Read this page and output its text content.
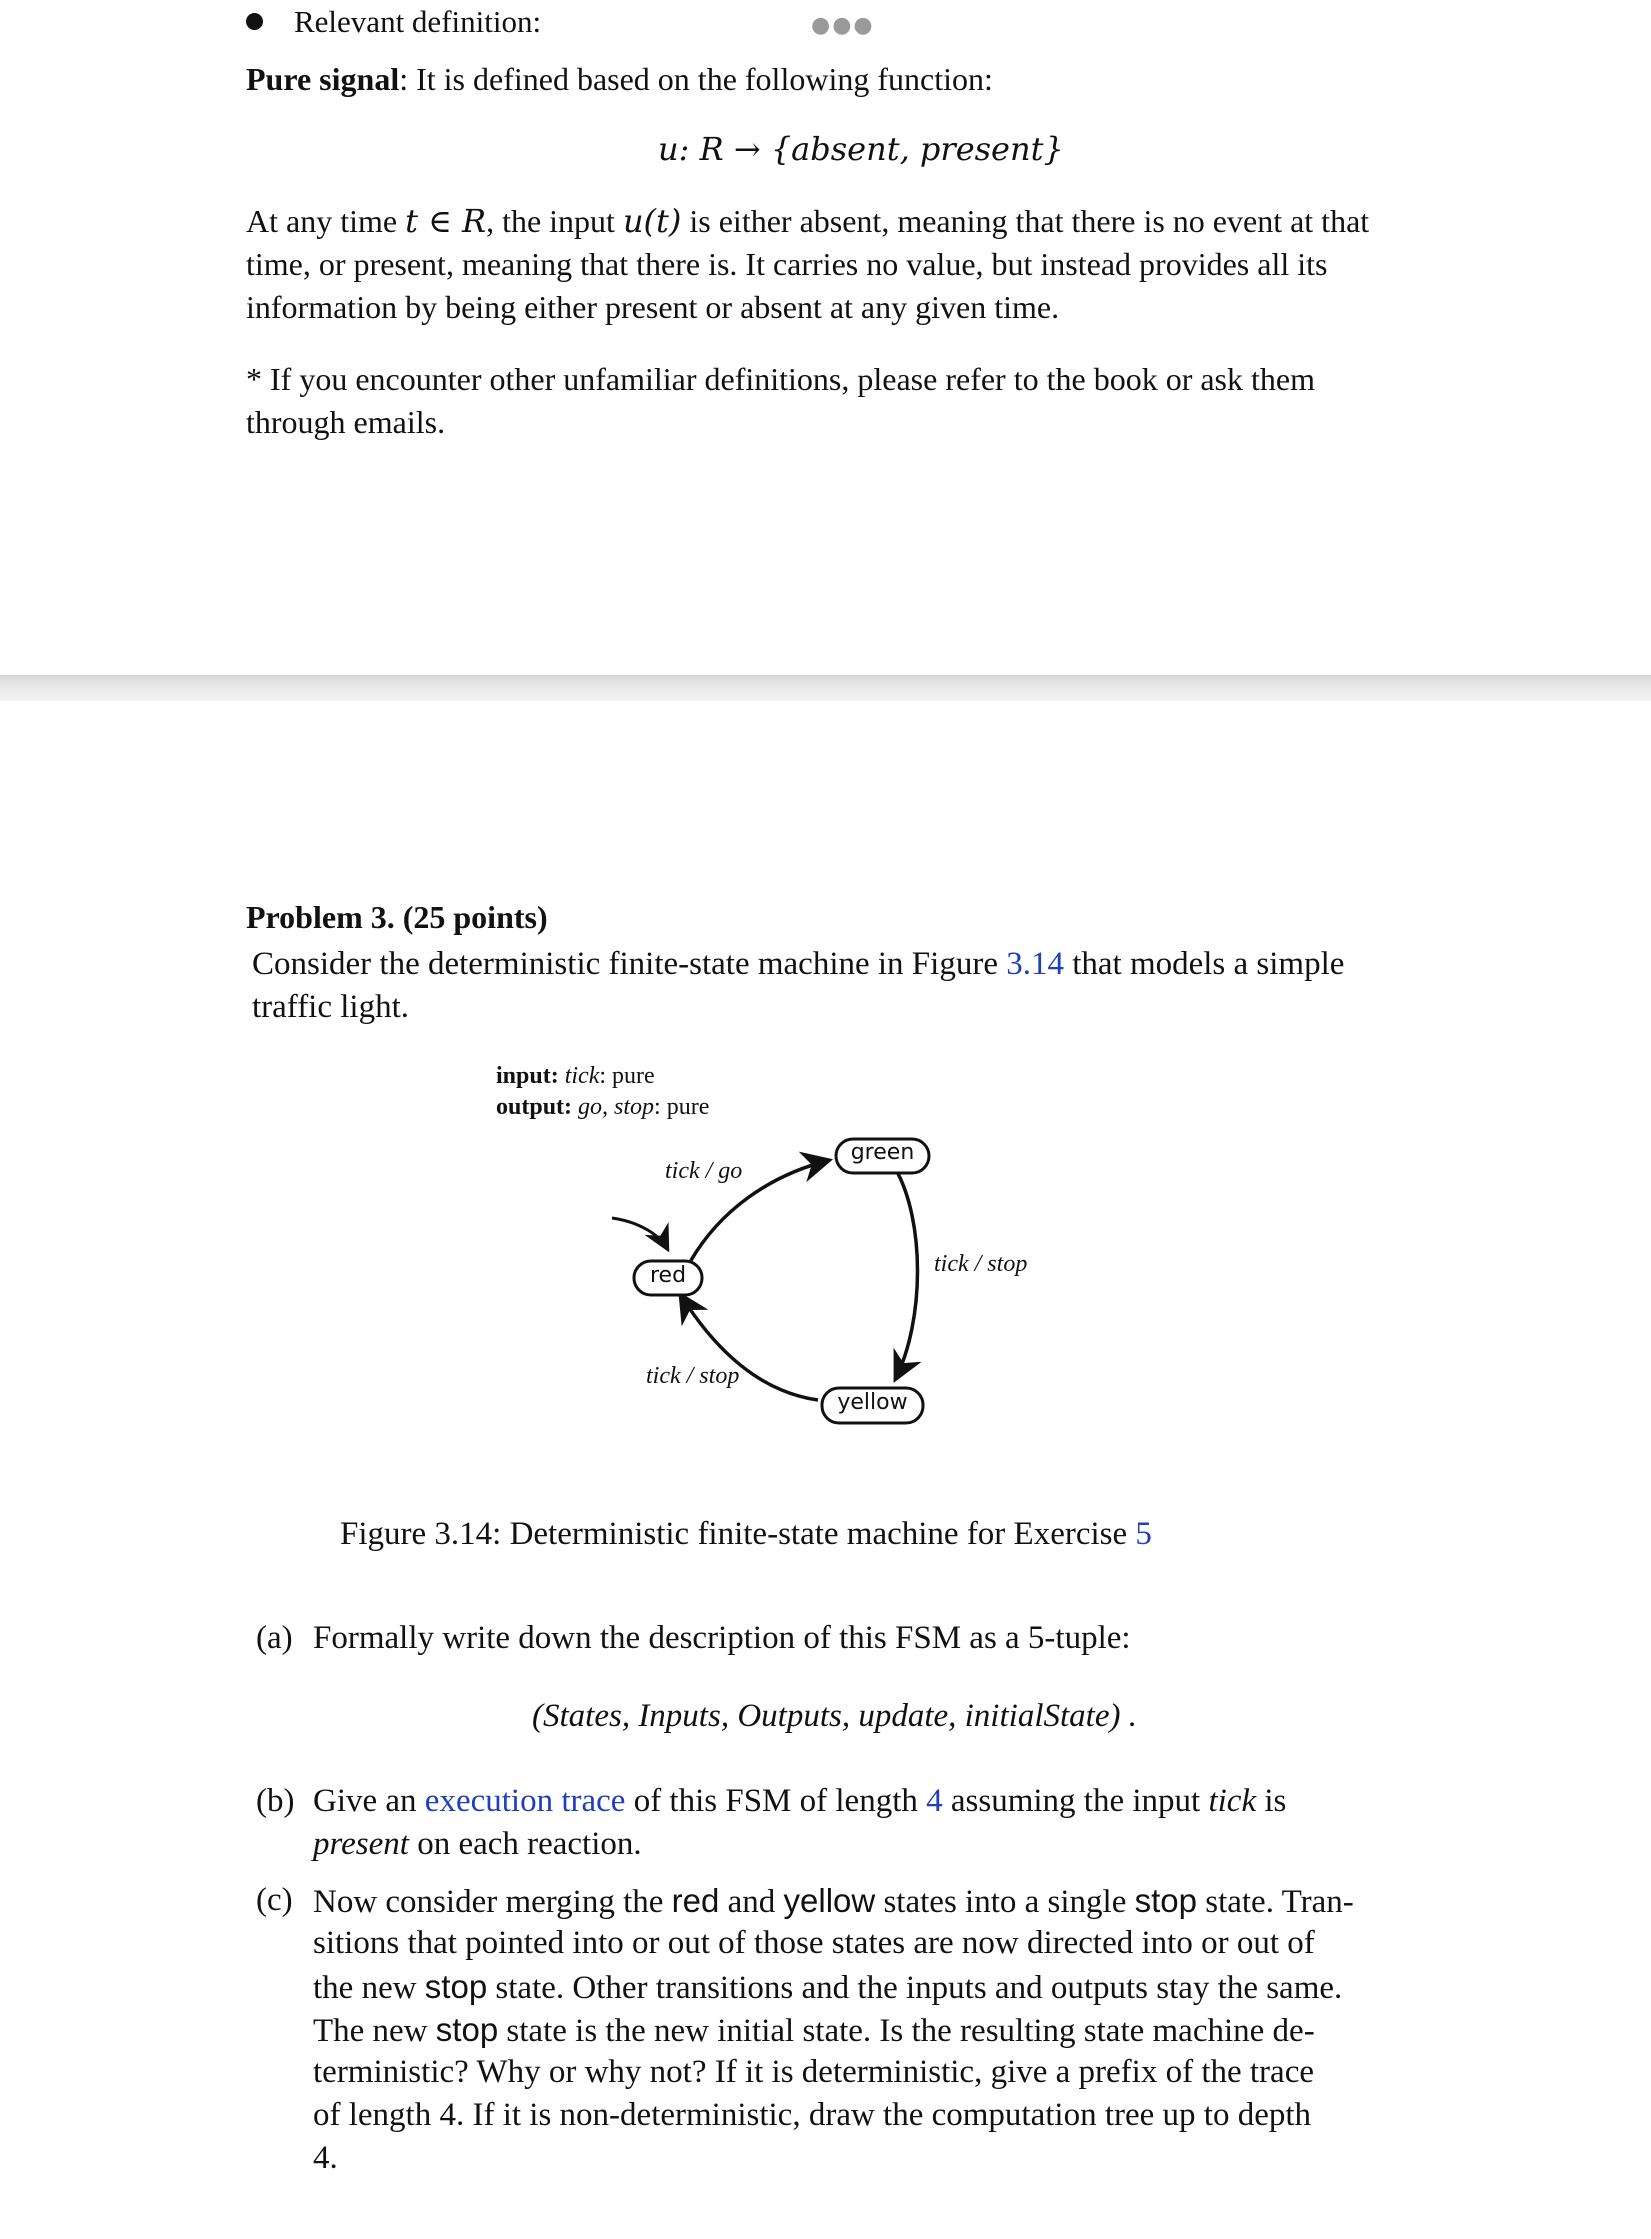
Relevant definition:	●●●
Pure signal: It is defined based on the following function:
u: R → {absent, present}
At any time t ∈ R, the input u(t) is either absent, meaning that there is no event at that
time, or present, meaning that there is. It carries no value, but instead provides all its
information by being either present or absent at any given time.
* If you encounter other unfamiliar definitions, please refer to the book or ask them
through emails.
Problem 3. (25 points)
Consider the deterministic finite-state machine in Figure 3.14 that models a simple
traffic light.
input: tick: pure
output: go, stop: pure
green
red
yellow
tick / go
tick / stop
tick / stop
Figure 3.14: Deterministic finite-state machine for Exercise 5
(a) Formally write down the description of this FSM as a 5-tuple:
(States, Inputs, Outputs, update, initialState) .
(b) Give an execution trace of this FSM of length 4 assuming the input tick is
present on each reaction.
(c) Now consider merging the red and yellow states into a single stop state. Tran-
sitions that pointed into or out of those states are now directed into or out of
the new stop state. Other transitions and the inputs and outputs stay the same.
The new stop state is the new initial state. Is the resulting state machine de-
terministic? Why or why not? If it is deterministic, give a prefix of the trace
of length 4. If it is non-deterministic, draw the computation tree up to depth
4.
